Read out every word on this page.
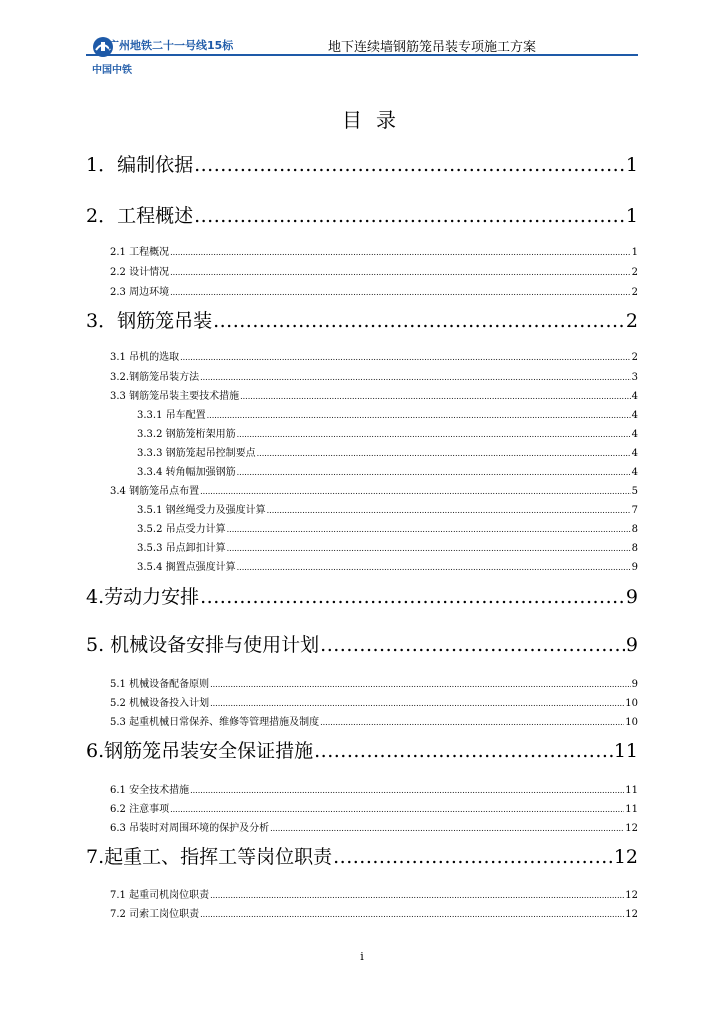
广州地铁二十一号线15标
中国中铁
地下连续墙钢筋笼吊装专项施工方案
目录
1．编制依据 .....	1
2．工程概述 .....	1
2.1 工程概况 .....	1
2.2 设计情况 .....	2
2.3 周边环境 .....	2
3．钢筋笼吊装 .....	2
3.1 吊机的选取 .....	2
3.2.钢筋笼吊装方法 .....	3
3.3 钢筋笼吊装主要技术措施 .....	4
3.3.1 吊车配置 .....	4
3.3.2 钢筋笼桁架用筋 .....	4
3.3.3 钢筋笼起吊控制要点 .....	4
3.3.4 转角幅加强钢筋 .....	4
3.4 钢筋笼吊点布置 .....	5
3.5.1 钢丝绳受力及强度计算 .....	7
3.5.2 吊点受力计算 .....	8
3.5.3 吊点卸扣计算 .....	8
3.5.4 搁置点强度计算 .....	9
4.劳动力安排 .....	9
5. 机械设备安排与使用计划 .....	9
5.1 机械设备配备原则 .....	9
5.2 机械设备投入计划 .....	10
5.3 起重机械日常保养、维修等管理措施及制度 .....	10
6.钢筋笼吊装安全保证措施 .....	11
6.1 安全技术措施 .....	11
6.2 注意事项 .....	11
6.3 吊装时对周围环境的保护及分析 .....	12
7.起重工、指挥工等岗位职责 .....	12
7.1 起重司机岗位职责 .....	12
7.2 司索工岗位职责 .....	12
i
